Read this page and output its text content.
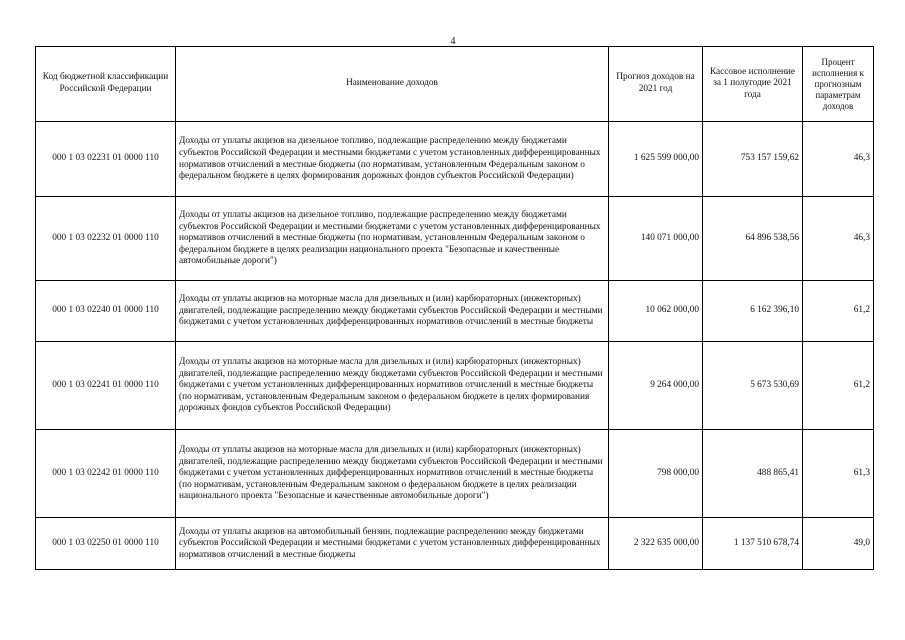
4
Код бюджетной классификации Российской Федерации	Наименование доходов	Прогноз доходов на 2021 год	Кассовое исполнение за 1 полугодие 2021 года	Процент исполнения к прогнозным параметрам доходов
000 1 03 02231 01 0000 110	Доходы от уплаты акцизов на дизельное топливо, подлежащие распределению между бюджетами субъектов Российской Федерации и местными бюджетами с учетом установленных дифференцированных нормативов отчислений в местные бюджеты (по нормативам, установленным Федеральным законом о федеральном бюджете в целях формирования дорожных фондов субъектов Российской Федерации)	1 625 599 000,00	753 157 159,62	46,3
000 1 03 02232 01 0000 110	Доходы от уплаты акцизов на дизельное топливо, подлежащие распределению между бюджетами субъектов Российской Федерации и местными бюджетами с учетом установленных дифференцированных нормативов отчислений в местные бюджеты (по нормативам, установленным Федеральным законом о федеральном бюджете в целях реализации национального проекта "Безопасные и качественные автомобильные дороги")	140 071 000,00	64 896 538,56	46,3
000 1 03 02240 01 0000 110	Доходы от уплаты акцизов на моторные масла для дизельных и (или) карбюраторных (инжекторных) двигателей, подлежащие распределению между бюджетами субъектов Российской Федерации и местными бюджетами с учетом установленных дифференцированных нормативов отчислений в местные бюджеты	10 062 000,00	6 162 396,10	61,2
000 1 03 02241 01 0000 110	Доходы от уплаты акцизов на моторные масла для дизельных и (или) карбюраторных (инжекторных) двигателей, подлежащие распределению между бюджетами субъектов Российской Федерации и местными бюджетами с учетом установленных дифференцированных нормативов отчислений в местные бюджеты (по нормативам, установленным Федеральным законом о федеральном бюджете в целях формирования дорожных фондов субъектов Российской Федерации)	9 264 000,00	5 673 530,69	61,2
000 1 03 02242 01 0000 110	Доходы от уплаты акцизов на моторные масла для дизельных и (или) карбюраторных (инжекторных) двигателей, подлежащие распределению между бюджетами субъектов Российской Федерации и местными бюджетами с учетом установленных дифференцированных нормативов отчислений в местные бюджеты (по нормативам, установленным Федеральным законом о федеральном бюджете в целях реализации национального проекта "Безопасные и качественные автомобильные дороги")	798 000,00	488 865,41	61,3
000 1 03 02250 01 0000 110	Доходы от уплаты акцизов на автомобильный бензин, подлежащие распределению между бюджетами субъектов Российской Федерации и местными бюджетами с учетом установленных дифференцированных нормативов отчислений в местные бюджеты	2 322 635 000,00	1 137 510 678,74	49,0
